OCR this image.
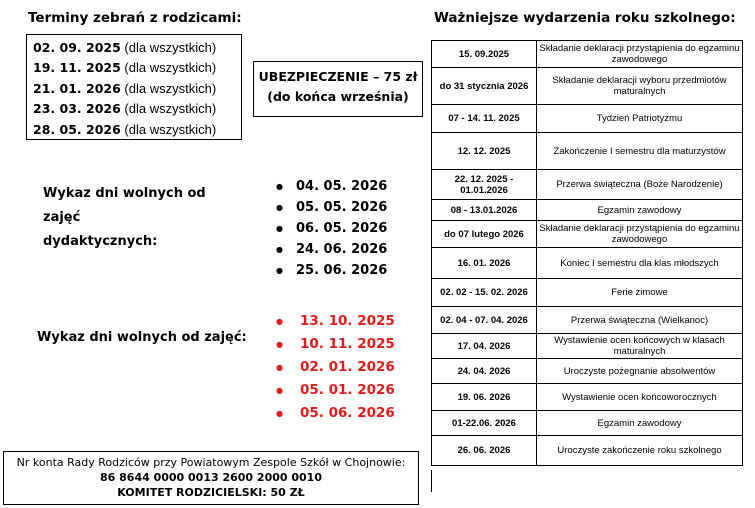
Terminy zebrań z rodzicami:
02. 09. 2025 (dla wszystkich)
19. 11. 2025 (dla wszystkich)
21. 01. 2026 (dla wszystkich)
23. 03. 2026 (dla wszystkich)
28. 05. 2026 (dla wszystkich)
UBEZPIECZENIE – 75 zł
(do końca września)
Wykaz dni wolnych od zajęć
dydaktycznych:
● 04. 05. 2026
● 05. 05. 2026
● 06. 05. 2026
● 24. 06. 2026
● 25. 06. 2026
Wykaz dni wolnych od zajęć:
● 13. 10. 2025
● 10. 11. 2025
● 02. 01. 2026
● 05. 01. 2026
● 05. 06. 2026
Nr konta Rady Rodziców przy Powiatowym Zespole Szkół w Chojnowie:
86 8644 0000 0013 2600 2000 0010
KOMITET RODZICIELSKI: 50 ZŁ
Ważniejsze wydarzenia roku szkolnego:
15. 09.2025	Składanie deklaracji przystąpienia do egzaminu zawodowego
do 31 stycznia 2026	Składanie deklaracji wyboru przedmiotów maturalnych
07 - 14. 11. 2025	Tydzień Patriotyzmu
12. 12. 2025	Zakończenie I semestru dla maturzystów
22. 12. 2025 - 01.01.2026	Przerwa świąteczna (Boże Narodzenie)
08 - 13.01.2026	Egzamin zawodowy
do 07 lutego 2026	Składanie deklaracji przystąpienia do egzaminu zawodowego
16. 01. 2026	Koniec I semestru dla klas młodszych
02. 02 - 15. 02. 2026	Ferie zimowe
02. 04 - 07. 04. 2026	Przerwa świąteczna (Wielkanoc)
17. 04. 2026	Wystawienie ocen końcowych w klasach maturalnych
24. 04. 2026	Uroczyste pożegnanie absolwentów
19. 06. 2026	Wystawienie ocen końcoworocznych
01-22.06. 2026	Egzamin zawodowy
26. 06. 2026	Uroczyste zakończenie roku szkolnego
